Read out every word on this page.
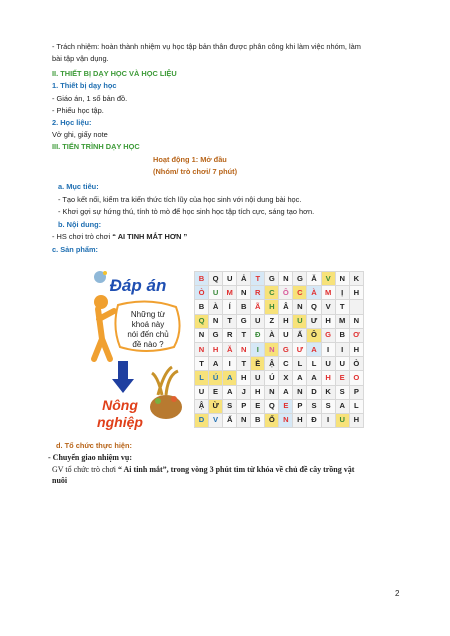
- Trách nhiệm: hoàn thành nhiệm vụ học tập bản thân được phân công khi làm việc nhóm, làm
bài tập vận dụng.
II. THIẾT BỊ DẠY HỌC VÀ HỌC LIỆU
1. Thiết bị dạy học
- Giáo án, 1 số bản đồ.
- Phiếu học tập.
2. Học liệu:
Vở ghi, giấy note
III. TIẾN TRÌNH DẠY HỌC
Hoạt động 1: Mở đầu
(Nhóm/ trò chơi/ 7 phút)
a. Mục tiêu:
- Tạo kết nối, kiểm tra kiến thức tích lũy của học sinh với nội dung bài học.
- Khơi gợi sự hứng thú, tính tò mò để học sinh học tập tích cực, sáng tạo hơn.
b. Nội dung:
- HS chơi trò chơi “ AI TINH MẮT HƠN ”
c. Sản phẩm:
Đáp án
Những từ
khoá này
nói đến chủ
đề nào ?
Nông
nghiệp
B	Q	U	Ả	T	G	N	G	Ă	V	N	K
Ò	U	M	N	R	C	Ô	C	À	M	Ị	H
B	À	Í	B	Ã	H	Â	N	Q	V	T	
Q	N	T	G	U	Z	H	U	Ư	H	M	N
N	G	R	T	Đ	À	U	Ấ	Ô	G	B	Ơ
N	H	Ă	N	I	N	G	Ư	A	I	I	H
T	A	I	T	Ề	Ậ	C	L	L	U	U	Ò
L	Ú	A	H	U	Ú	X	A	A	H	E	O
U	E	A	J	H	N	A	N	D	K	S	P
Ậ	Ừ	S	P	E	Q	E	P	S	S	A	L
D	V	Ấ	N	B	Ổ	N	H	Đ	I	U	H
d. Tổ chức thực hiện:
- Chuyển giao nhiệm vụ:
GV tổ chức trò chơi “ Ai tinh mắt”, trong vòng 3 phút tìm từ khóa về chủ đề cây trồng vật
nuôi
2
